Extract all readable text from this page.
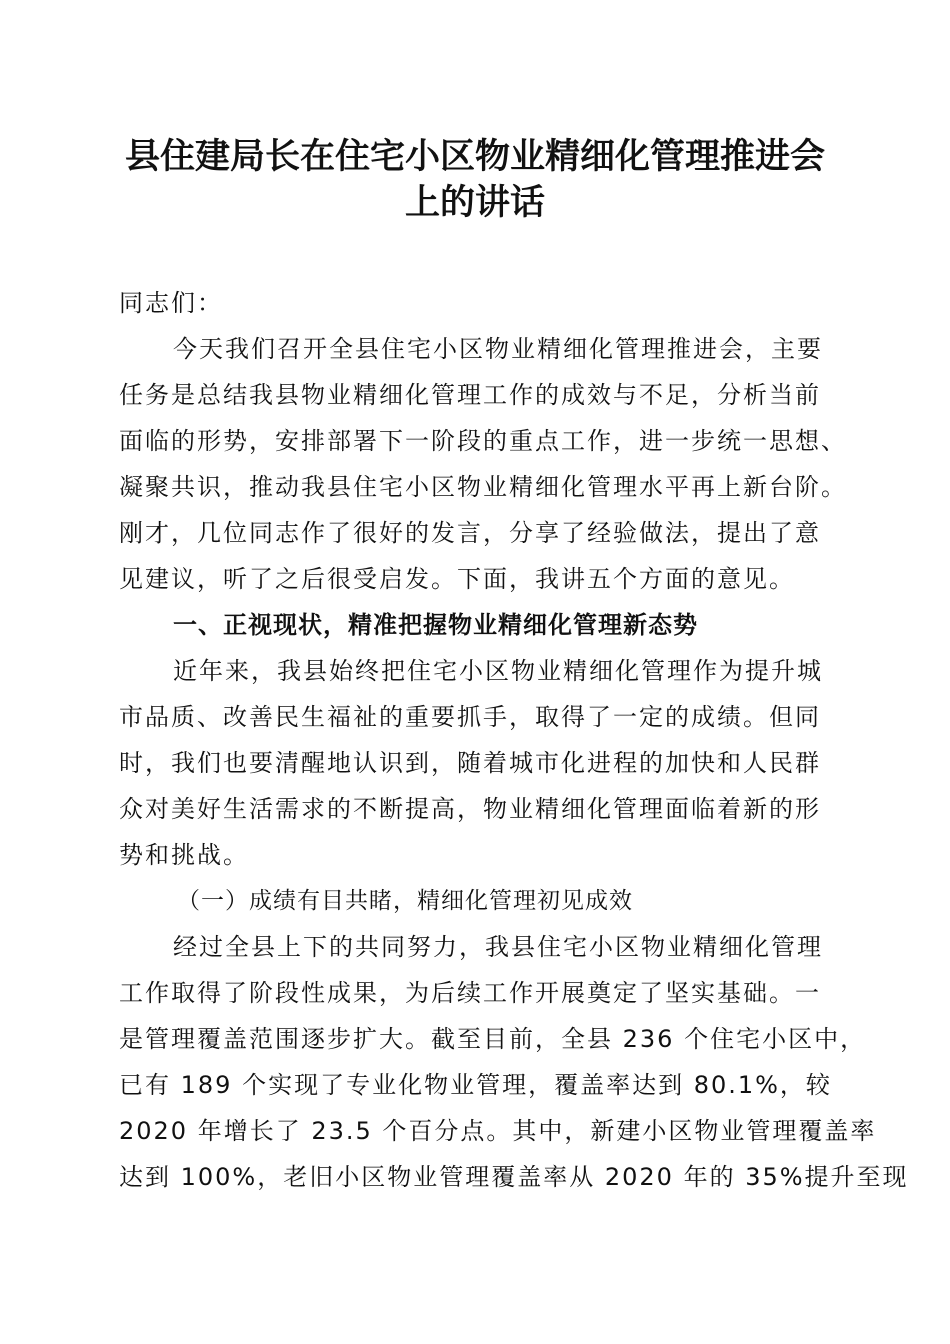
县住建局长在住宅小区物业精细化管理推进会
上的讲话
同志们：
今天我们召开全县住宅小区物业精细化管理推进会，主要
任务是总结我县物业精细化管理工作的成效与不足，分析当前
面临的形势，安排部署下一阶段的重点工作，进一步统一思想、
凝聚共识，推动我县住宅小区物业精细化管理水平再上新台阶。
刚才，几位同志作了很好的发言，分享了经验做法，提出了意
见建议，听了之后很受启发。下面，我讲五个方面的意见。
一、正视现状，精准把握物业精细化管理新态势
近年来，我县始终把住宅小区物业精细化管理作为提升城
市品质、改善民生福祉的重要抓手，取得了一定的成绩。但同
时，我们也要清醒地认识到，随着城市化进程的加快和人民群
众对美好生活需求的不断提高，物业精细化管理面临着新的形
势和挑战。
（一）成绩有目共睹，精细化管理初见成效
经过全县上下的共同努力，我县住宅小区物业精细化管理
工作取得了阶段性成果，为后续工作开展奠定了坚实基础。一
是管理覆盖范围逐步扩大。截至目前，全县 236 个住宅小区中，
已有 189 个实现了专业化物业管理，覆盖率达到 80.1%，较
2020 年增长了 23.5 个百分点。其中，新建小区物业管理覆盖率
达到 100%，老旧小区物业管理覆盖率从 2020 年的 35%提升至现
